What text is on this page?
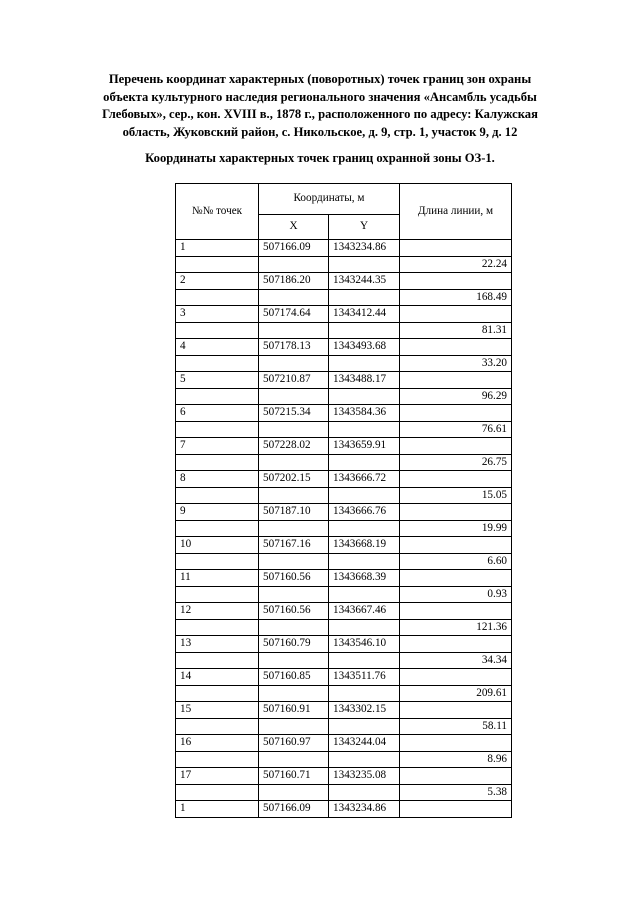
Перечень координат характерных (поворотных) точек границ зон охраны
объекта культурного наследия регионального значения «Ансамбль усадьбы
Глебовых», сер., кон. XVIII в., 1878 г., расположенного по адресу: Калужская
область, Жуковский район, с. Никольское, д. 9, стр. 1, участок 9, д. 12
Координаты характерных точек границ охранной зоны ОЗ-1.
№№ точек	Координаты, м		Длина линии, м
	X	Y	
1	507166.09	1343234.86	
			22.24
2	507186.20	1343244.35	
			168.49
3	507174.64	1343412.44	
			81.31
4	507178.13	1343493.68	
			33.20
5	507210.87	1343488.17	
			96.29
6	507215.34	1343584.36	
			76.61
7	507228.02	1343659.91	
			26.75
8	507202.15	1343666.72	
			15.05
9	507187.10	1343666.76	
			19.99
10	507167.16	1343668.19	
			6.60
11	507160.56	1343668.39	
			0.93
12	507160.56	1343667.46	
			121.36
13	507160.79	1343546.10	
			34.34
14	507160.85	1343511.76	
			209.61
15	507160.91	1343302.15	
			58.11
16	507160.97	1343244.04	
			8.96
17	507160.71	1343235.08	
			5.38
1	507166.09	1343234.86	
